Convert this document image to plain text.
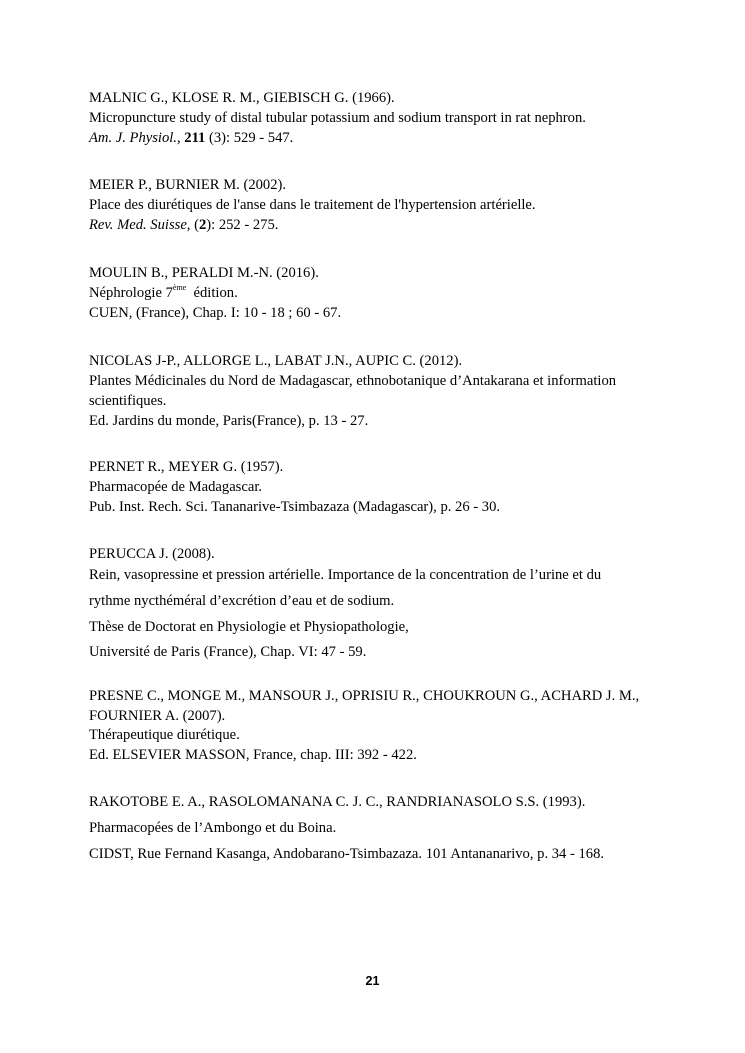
MALNIC G., KLOSE R. M., GIEBISCH G. (1966).
Micropuncture study of distal tubular potassium and sodium transport in rat nephron.
Am. J. Physiol., 211 (3): 529 - 547.
MEIER P., BURNIER M. (2002).
Place des diurétiques de l'anse dans le traitement de l'hypertension artérielle.
Rev. Med. Suisse, (2): 252 - 275.
MOULIN B., PERALDI M.-N. (2016).
Néphrologie 7ème  édition.
CUEN, (France), Chap. I: 10 - 18 ; 60 - 67.
NICOLAS J-P., ALLORGE L., LABAT J.N., AUPIC C. (2012).
Plantes Médicinales du Nord de Madagascar, ethnobotanique d’Antakarana et information
scientifiques.
Ed. Jardins du monde, Paris(France), p. 13 - 27.
PERNET R., MEYER G. (1957).
Pharmacopée de Madagascar.
Pub. Inst. Rech. Sci. Tananarive-Tsimbazaza (Madagascar), p. 26 - 30.
PERUCCA J. (2008).
Rein, vasopressine et pression artérielle. Importance de la concentration de l’urine et du
rythme nycthéméral d’excrétion d’eau et de sodium.
Thèse de Doctorat en Physiologie et Physiopathologie,
Université de Paris (France), Chap. VI: 47 - 59.
PRESNE C., MONGE M., MANSOUR J., OPRISIU R., CHOUKROUN G., ACHARD J. M.,
FOURNIER A. (2007).
Thérapeutique diurétique.
Ed. ELSEVIER MASSON, France, chap. III: 392 - 422.
RAKOTOBE E. A., RASOLOMANANA C. J. C., RANDRIANASOLO S.S. (1993).
Pharmacopées de l’Ambongo et du Boina.
CIDST, Rue Fernand Kasanga, Andobarano-Tsimbazaza. 101 Antananarivo, p. 34 - 168.
21
